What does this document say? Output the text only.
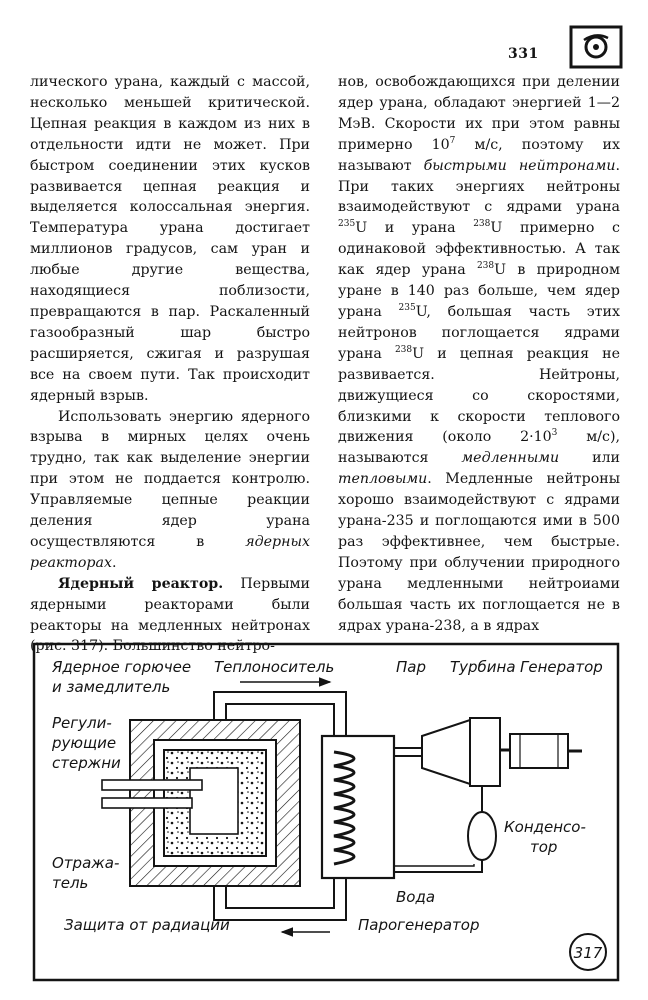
331

лического урана, каждый с массой, несколько меньшей критической. Цепная реакция в каждом из них в отдельности идти не может. При быстром соединении этих кусков развивается цепная реакция и выделяется колоссальная энергия. Температура урана достигает миллионов градусов, сам уран и любые другие вещества, находящиеся поблизости, превращаются в пар. Раскаленный газообразный шар быстро расширяется, сжигая и разрушая все на своем пути. Так происходит ядерный взрыв.

Использовать энергию ядерного взрыва в мирных целях очень трудно, так как выделение энергии при этом не поддается контролю. Управляемые цепные реакции деления ядер урана осуществляются в	ядерных реакторах.

Ядерный реактор. Первыми ядерными реакторами были реакторы на медленных нейтронах (рис. 317). Большинство нейтро-

нов, освобождающихся при делении ядер урана, обладают энергией 1—2 МэВ. Скорости их при этом равны примерно $10^7$ м/с, поэтому их называют быстрыми нейтронами. При таких энергиях нейтроны взаимодействуют с ядрами урана $^{235}$U и урана $^{238}$U примерно с одинаковой эффективностью. А так как ядер урана $^{238}$U в природном уране в 140 раз больше, чем ядер урана $^{235}$U, большая часть этих нейтронов поглощается ядрами урана $^{238}$U и цепная реакция не развивается. Нейтроны, движущиеся со скоростями, близкими к скорости теплового движения (около $2\cdot 10^3$ м/с), называются медленными или тепловыми. Медленные нейтроны хорошо взаимодействуют с ядрами урана-235 и поглощаются ими в 500 раз эффективнее, чем быстрые. Поэтому при облучении природного урана медленными нейтроиами большая часть их поглощается не в ядрах урана-238, а в ядрах

Ядерное горючее
и замедлитель
Теплоноситель	Пар Турбина Генератор
Регули-
рующие
стержни
Конденсо-
тор
Отража-
тель
Вода
Защита от радиации	Парогенератор
317
